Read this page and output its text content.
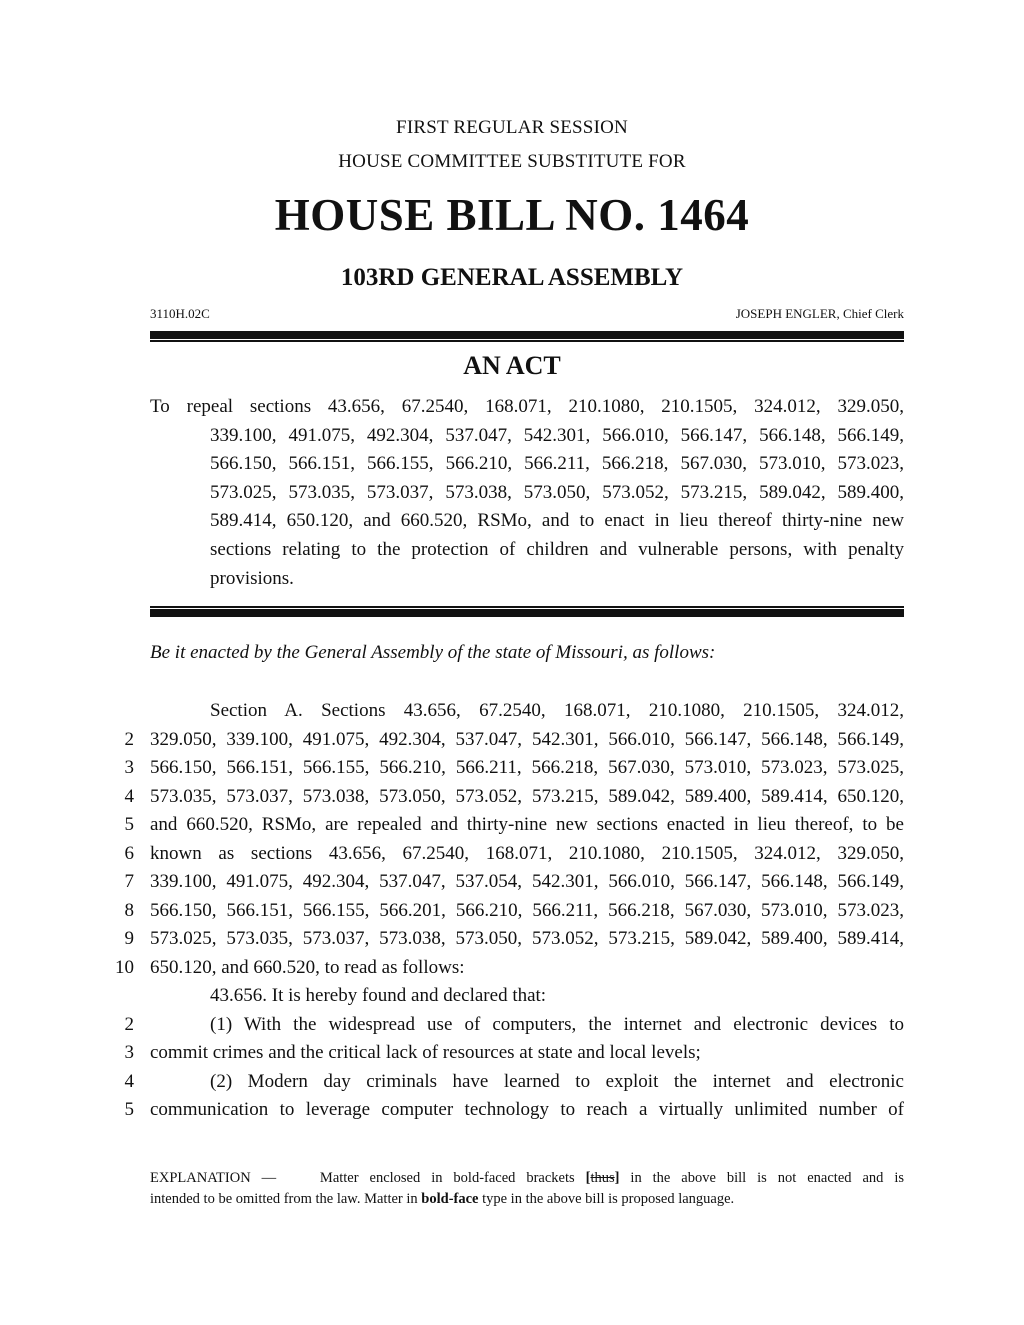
FIRST REGULAR SESSION
HOUSE COMMITTEE SUBSTITUTE FOR
HOUSE BILL NO. 1464
103RD GENERAL ASSEMBLY
3110H.02C	JOSEPH ENGLER, Chief Clerk
AN ACT
To repeal sections 43.656, 67.2540, 168.071, 210.1080, 210.1505, 324.012, 329.050,
339.100, 491.075, 492.304, 537.047, 542.301, 566.010, 566.147, 566.148, 566.149,
566.150, 566.151, 566.155, 566.210, 566.211, 566.218, 567.030, 573.010, 573.023,
573.025, 573.035, 573.037, 573.038, 573.050, 573.052, 573.215, 589.042, 589.400,
589.414, 650.120, and 660.520, RSMo, and to enact in lieu thereof thirty-nine new
sections relating to the protection of children and vulnerable persons, with penalty
provisions.
Be it enacted by the General Assembly of the state of Missouri, as follows:
Section A. Sections 43.656, 67.2540, 168.071, 210.1080, 210.1505, 324.012,
2 329.050, 339.100, 491.075, 492.304, 537.047, 542.301, 566.010, 566.147, 566.148, 566.149,
3 566.150, 566.151, 566.155, 566.210, 566.211, 566.218, 567.030, 573.010, 573.023, 573.025,
4 573.035, 573.037, 573.038, 573.050, 573.052, 573.215, 589.042, 589.400, 589.414, 650.120,
5 and 660.520, RSMo, are repealed and thirty-nine new sections enacted in lieu thereof, to be
6 known as sections 43.656, 67.2540, 168.071, 210.1080, 210.1505, 324.012, 329.050,
7 339.100, 491.075, 492.304, 537.047, 537.054, 542.301, 566.010, 566.147, 566.148, 566.149,
8 566.150, 566.151, 566.155, 566.201, 566.210, 566.211, 566.218, 567.030, 573.010, 573.023,
9 573.025, 573.035, 573.037, 573.038, 573.050, 573.052, 573.215, 589.042, 589.400, 589.414,
10 650.120, and 660.520, to read as follows:
43.656. It is hereby found and declared that:
2	(1) With the widespread use of computers, the internet and electronic devices to
3 commit crimes and the critical lack of resources at state and local levels;
4	(2) Modern day criminals have learned to exploit the internet and electronic
5 communication to leverage computer technology to reach a virtually unlimited number of
EXPLANATION —	Matter enclosed in bold-faced brackets [thus] in the above bill is not enacted and is
intended to be omitted from the law. Matter in bold-face type in the above bill is proposed language.
